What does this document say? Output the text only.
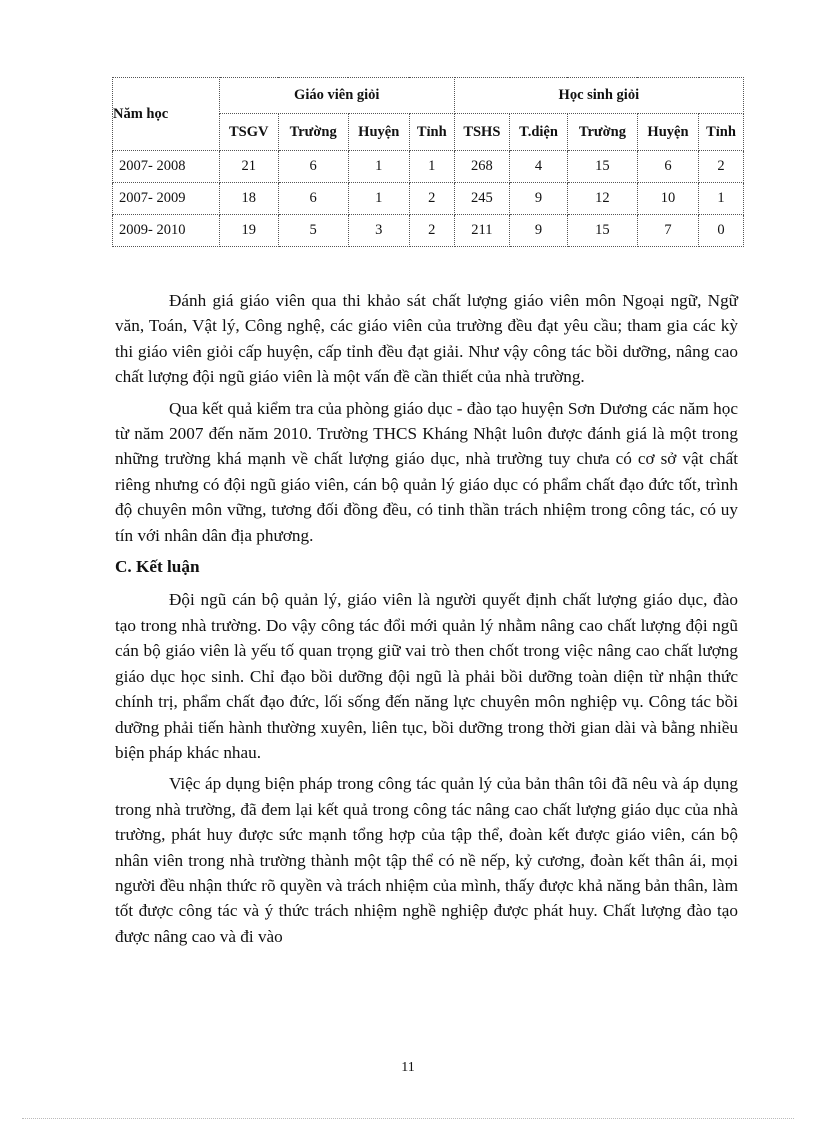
Năm học	Giáo viên giỏi				Học sinh giỏi				
	TSGV	Trường	Huyện	Tỉnh	TSHS	T.diện	Trường	Huyện	Tỉnh
2007- 2008	21	6	1	1	268	4	15	6	2
2007- 2009	18	6	1	2	245	9	12	10	1
2009- 2010	19	5	3	2	211	9	15	7	0

Đánh giá giáo viên qua thi khảo sát chất lượng giáo viên môn Ngoại ngữ, Ngữ văn, Toán, Vật lý, Công nghệ, các giáo viên của trường đều đạt yêu cầu; tham gia các kỳ thi giáo viên giỏi cấp huyện, cấp tỉnh đều đạt giải. Như vậy công tác bồi dưỡng, nâng cao chất lượng đội ngũ giáo viên là một vấn đề cần thiết của nhà trường.

Qua kết quả kiểm tra của phòng giáo dục - đào tạo huyện Sơn Dương các năm học từ năm 2007 đến năm 2010. Trường THCS Kháng Nhật luôn được đánh giá là một trong những trường khá mạnh về chất lượng giáo dục, nhà trường tuy chưa có cơ sở vật chất riêng nhưng có đội ngũ giáo viên, cán bộ quản lý giáo dục có phẩm chất đạo đức tốt, trình độ chuyên môn vững, tương đối đồng đều, có tinh thần trách nhiệm trong công tác, có uy tín với nhân dân địa phương.

C. Kết luận

Đội ngũ cán bộ quản lý, giáo viên là người quyết định chất lượng giáo dục, đào tạo trong nhà trường. Do vậy công tác đổi mới quản lý nhằm nâng cao chất lượng đội ngũ cán bộ giáo viên là yếu tố quan trọng giữ vai trò then chốt trong việc nâng cao chất lượng giáo dục học sinh. Chỉ đạo bồi dưỡng đội ngũ là phải bồi dưỡng toàn diện từ nhận thức chính trị, phẩm chất đạo đức, lối sống đến năng lực chuyên môn nghiệp vụ. Công tác bồi dưỡng phải tiến hành thường xuyên, liên tục, bồi dưỡng trong thời gian dài và bằng nhiều biện pháp khác nhau.

Việc áp dụng biện pháp trong công tác quản lý của bản thân tôi đã nêu và áp dụng trong nhà trường, đã đem lại kết quả trong công tác nâng cao chất lượng giáo dục của nhà trường, phát huy được sức mạnh tổng hợp của tập thể, đoàn kết được giáo viên, cán bộ nhân viên trong nhà trường thành một tập thể có nề nếp, kỷ cương, đoàn kết thân ái, mọi người đều nhận thức rõ quyền và trách nhiệm của mình, thấy được khả năng bản thân, làm tốt được công tác và ý thức trách nhiệm nghề nghiệp được phát huy. Chất lượng đào tạo được nâng cao và đi vào

11
